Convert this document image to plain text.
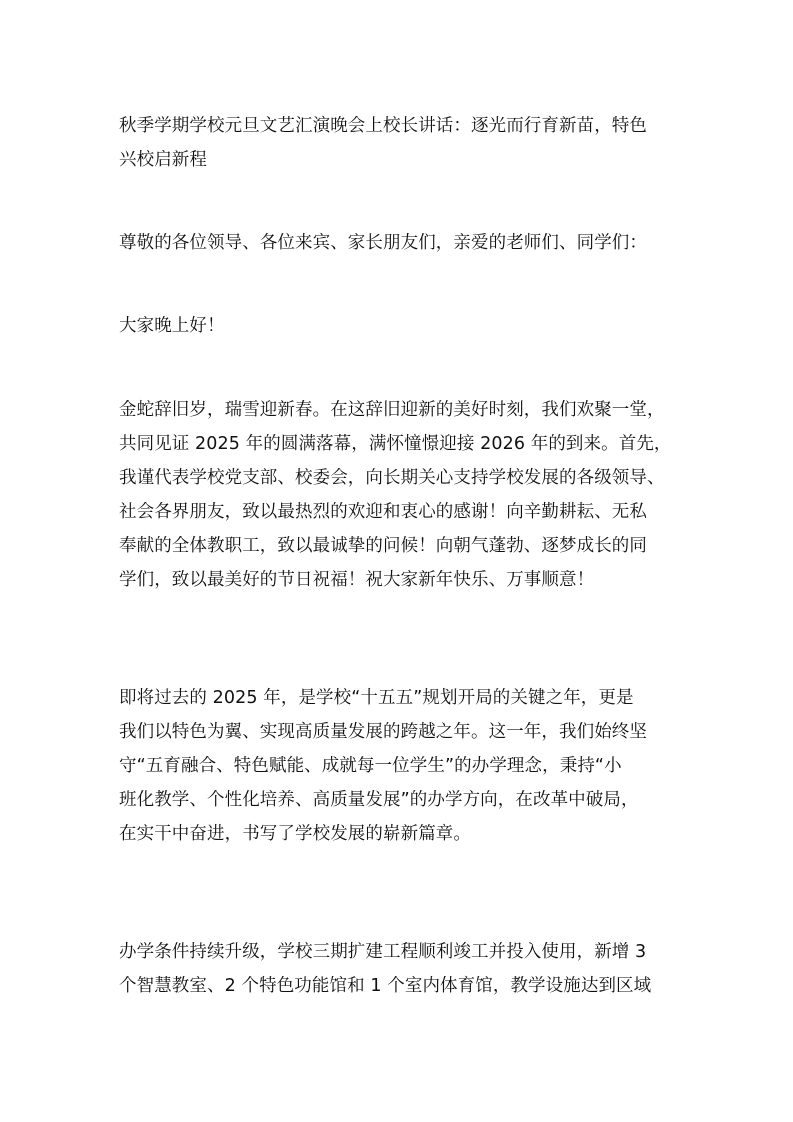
秋季学期学校元旦文艺汇演晚会上校长讲话：逐光而行育新苗，特色
兴校启新程
尊敬的各位领导、各位来宾、家长朋友们，亲爱的老师们、同学们：
大家晚上好！
金蛇辞旧岁，瑞雪迎新春。在这辞旧迎新的美好时刻，我们欢聚一堂，
共同见证 2025 年的圆满落幕，满怀憧憬迎接 2026 年的到来。首先，
我谨代表学校党支部、校委会，向长期关心支持学校发展的各级领导、
社会各界朋友，致以最热烈的欢迎和衷心的感谢！向辛勤耕耘、无私
奉献的全体教职工，致以最诚挚的问候！向朝气蓬勃、逐梦成长的同
学们，致以最美好的节日祝福！祝大家新年快乐、万事顺意！
即将过去的 2025 年，是学校“十五五”规划开局的关键之年，更是
我们以特色为翼、实现高质量发展的跨越之年。这一年，我们始终坚
守“五育融合、特色赋能、成就每一位学生”的办学理念，秉持“小
班化教学、个性化培养、高质量发展”的办学方向，在改革中破局，
在实干中奋进，书写了学校发展的崭新篇章。
办学条件持续升级，学校三期扩建工程顺利竣工并投入使用，新增 3
个智慧教室、2 个特色功能馆和 1 个室内体育馆，教学设施达到区域
